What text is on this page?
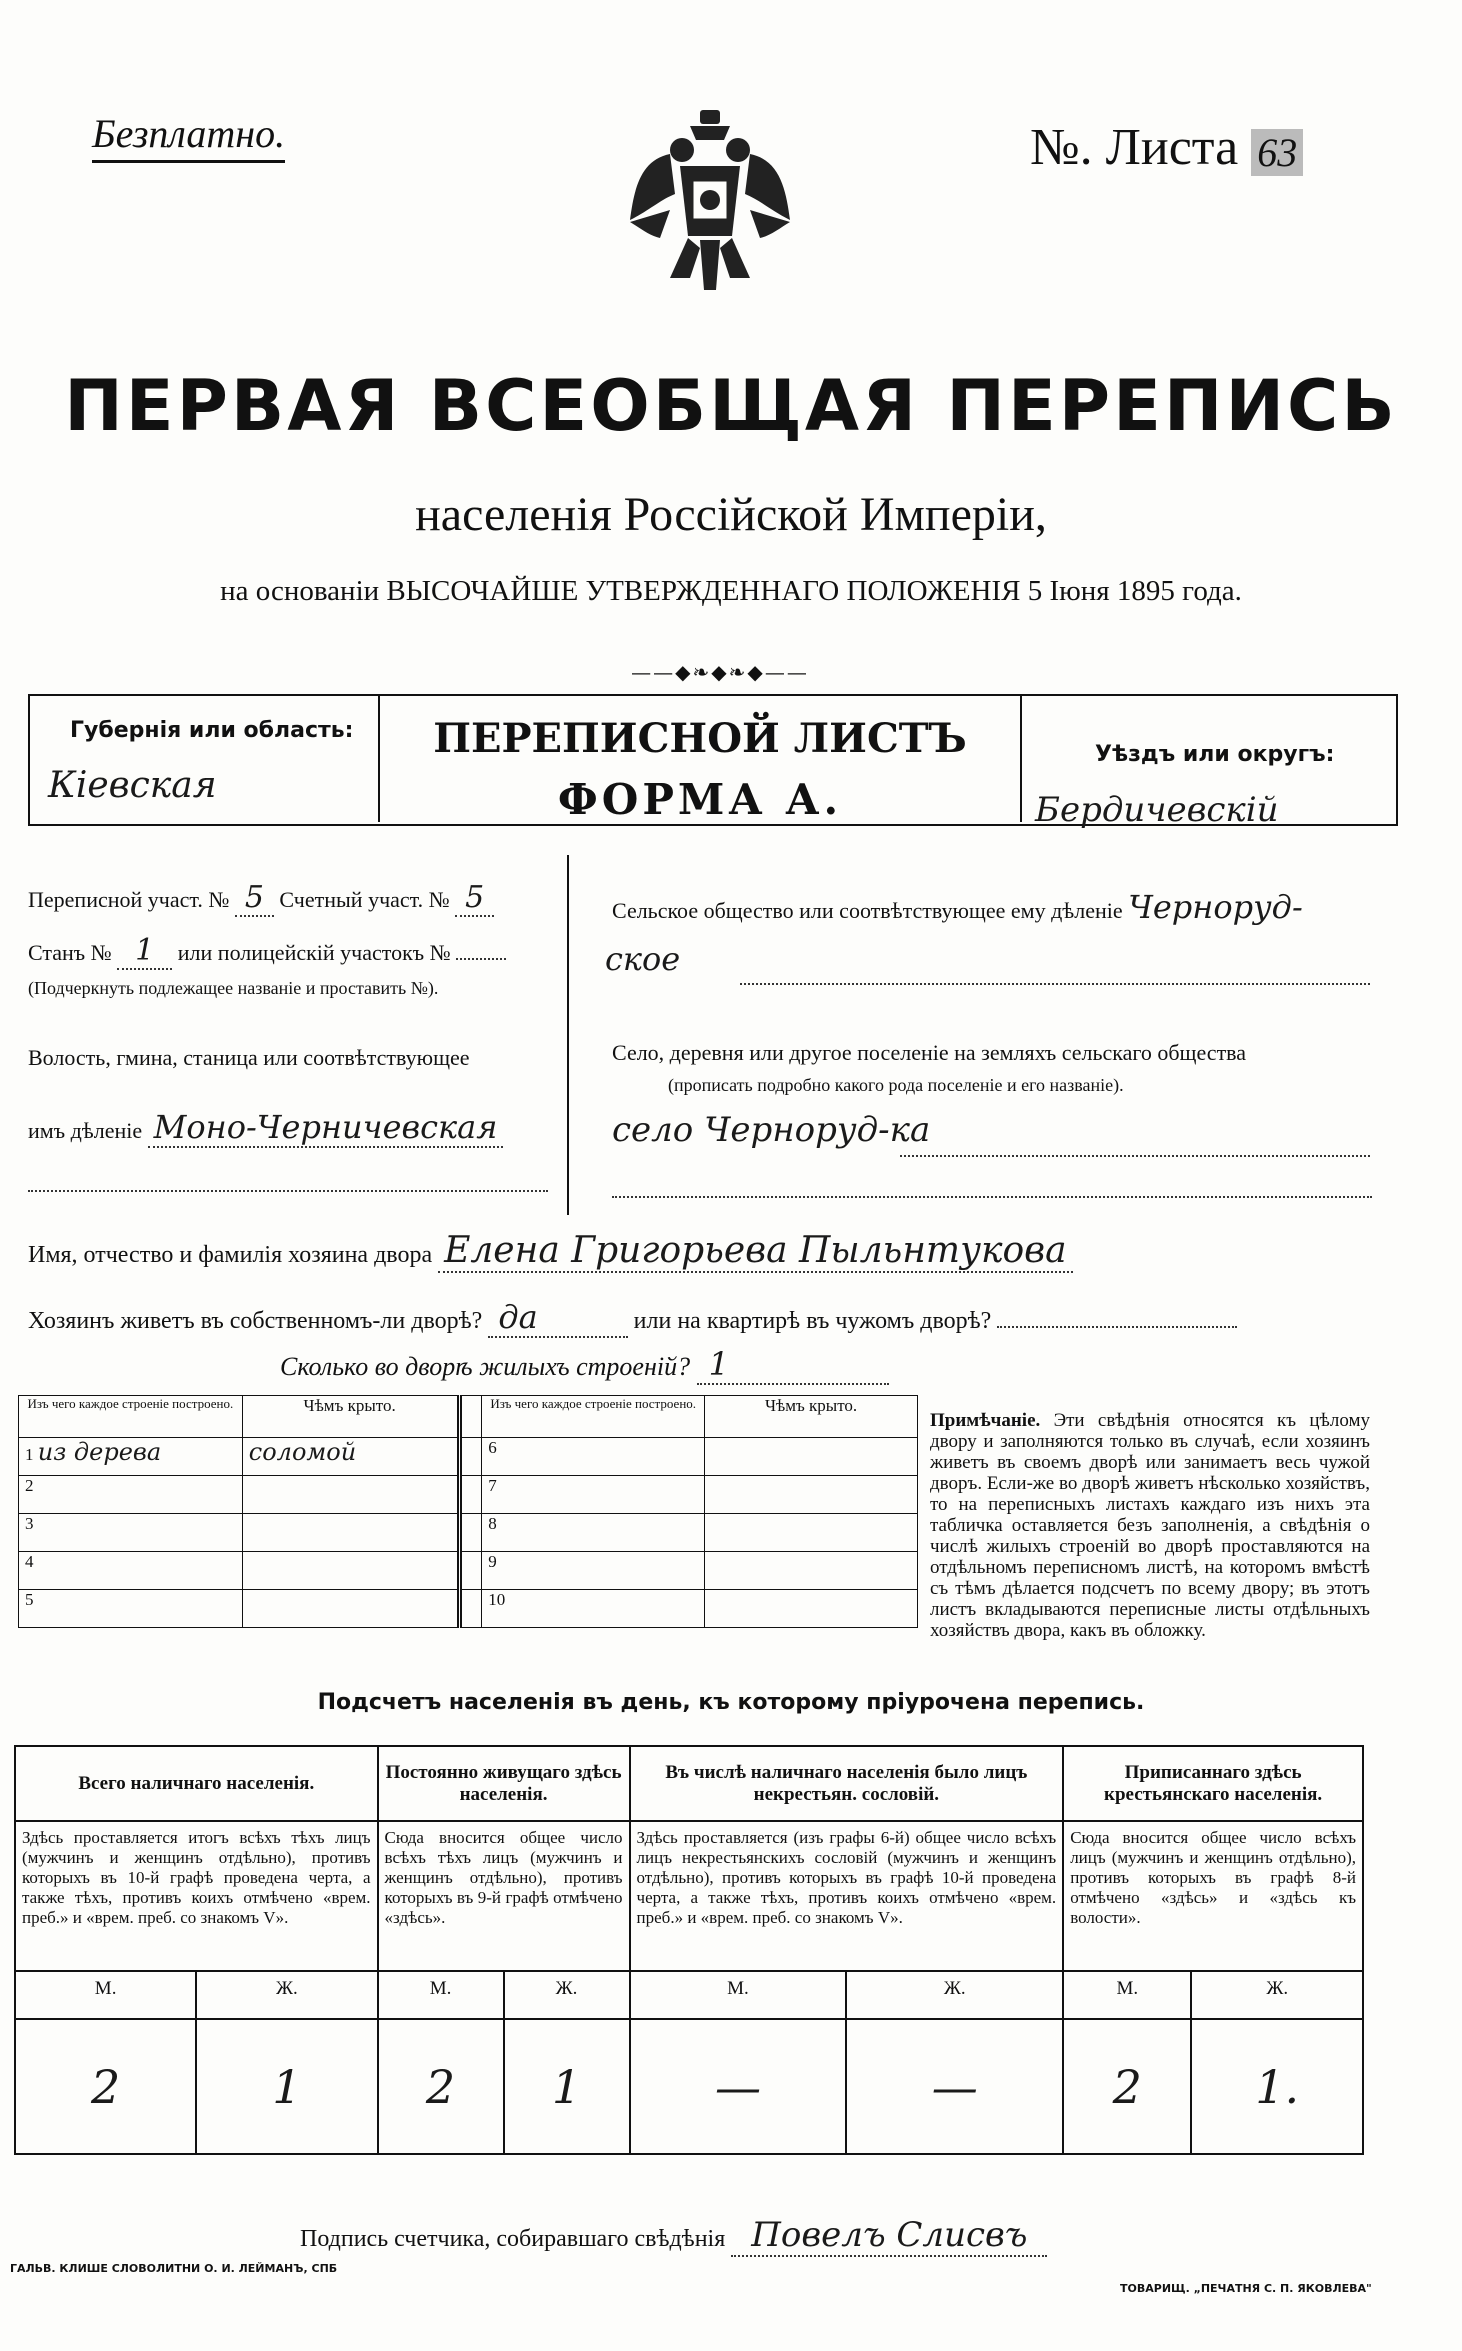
Безплатно.	№. Листа 63
ПЕРВАЯ ВСЕОБЩАЯ ПЕРЕПИСЬ
населенія Россійской Имперіи,
на основаніи ВЫСОЧАЙШЕ УТВЕРЖДЕННАГО ПОЛОЖЕНІЯ 5 Іюня 1895 года.
——◆❧◆❧◆——
Губернія или область:
Кіевская
ПЕРЕПИСНОЙ ЛИСТЪ
ФОРМА А.
Уѣздъ или округъ:
Бердичевскій
Переписной участ. № 5 Счетный участ. № 5
Станъ № 1 или полицейскій участокъ №
(Подчеркнуть подлежащее названіе и проставить №).
Волость, гмина, станица или соотвѣтствующее
имъ дѣленіе Моно-Черничевская
Сельское общество или соотвѣтствующее ему дѣленіе Черноруд-
ское
Село, деревня или другое поселеніе на земляхъ сельскаго общества
(прописать подробно какого рода поселеніе и его названіе).
село Черноруд-ка
Имя, отчество и фамилія хозяина двора Елена Григорьева Пыльнтукова
Хозяинъ живетъ въ собственномъ-ли дворѣ? да	или на квартирѣ въ чужомъ дворѣ?
Сколько во дворѣ жилыхъ строеній? 1
Изъ чего каждое строеніе построено.	Чѣмъ крыто.		Изъ чего каждое строеніе построено.	Чѣмъ крыто.
1 из дерева	соломой		6	
2			7	
3			8	
4			9	
5			10	
Примѣчаніе. Эти свѣдѣнія относятся къ цѣлому двору и заполняются только въ случаѣ, если хозяинъ живетъ въ своемъ дворѣ или занимаетъ весь чужой дворъ. Если-же во дворѣ живетъ нѣсколько хозяйствъ, то на переписныхъ листахъ каждаго изъ нихъ эта табличка оставляется безъ заполненія, а свѣдѣнія о числѣ жилыхъ строеній во дворѣ проставляются на отдѣльномъ переписномъ листѣ, на которомъ вмѣстѣ съ тѣмъ дѣлается подсчетъ по всему двору; въ этотъ листъ вкладываются переписные листы отдѣльныхъ хозяйствъ двора, какъ въ обложку.
Подсчетъ населенія въ день, къ которому пріурочена перепись.
Всего наличнаго населенія.		Постоянно живущаго здѣсь населенія.		Въ числѣ наличнаго населенія было лицъ некрестьян. сословій.		Приписаннаго здѣсь крестьянскаго населенія.	
Здѣсь проставляется итогъ всѣхъ тѣхъ лицъ (мужчинъ и женщинъ отдѣльно), противъ которыхъ въ 10-й графѣ проведена черта, а также тѣхъ, противъ коихъ отмѣчено «врем. преб.» и «врем. преб. со знакомъ V».		Сюда вносится общее число всѣхъ тѣхъ лицъ (мужчинъ и женщинъ отдѣльно), противъ которыхъ въ 9-й графѣ отмѣчено «здѣсь».		Здѣсь проставляется (изъ графы 6-й) общее число всѣхъ лицъ некрестьянскихъ сословій (мужчинъ и женщинъ отдѣльно), противъ которыхъ въ графѣ 10-й проведена черта, а также тѣхъ, противъ коихъ отмѣчено «врем. преб.» и «врем. преб. со знакомъ V».		Сюда вносится общее число всѣхъ лицъ (мужчинъ и женщинъ отдѣльно), противъ которыхъ въ графѣ 8-й отмѣчено «здѣсь» и «здѣсь къ волости».	
М.	Ж.	М.	Ж.	М.	Ж.	М.	Ж.
2	1	2	1	—	—	2	1.
Подпись счетчика, собиравшаго свѣдѣнія Повелъ Слисвъ
ГАЛЬВ. КЛИШЕ СЛОВОЛИТНИ О. И. ЛЕЙМАНЪ, СПБ
ТОВАРИЩ. „ПЕЧАТНЯ С. П. ЯКОВЛЕВА"
